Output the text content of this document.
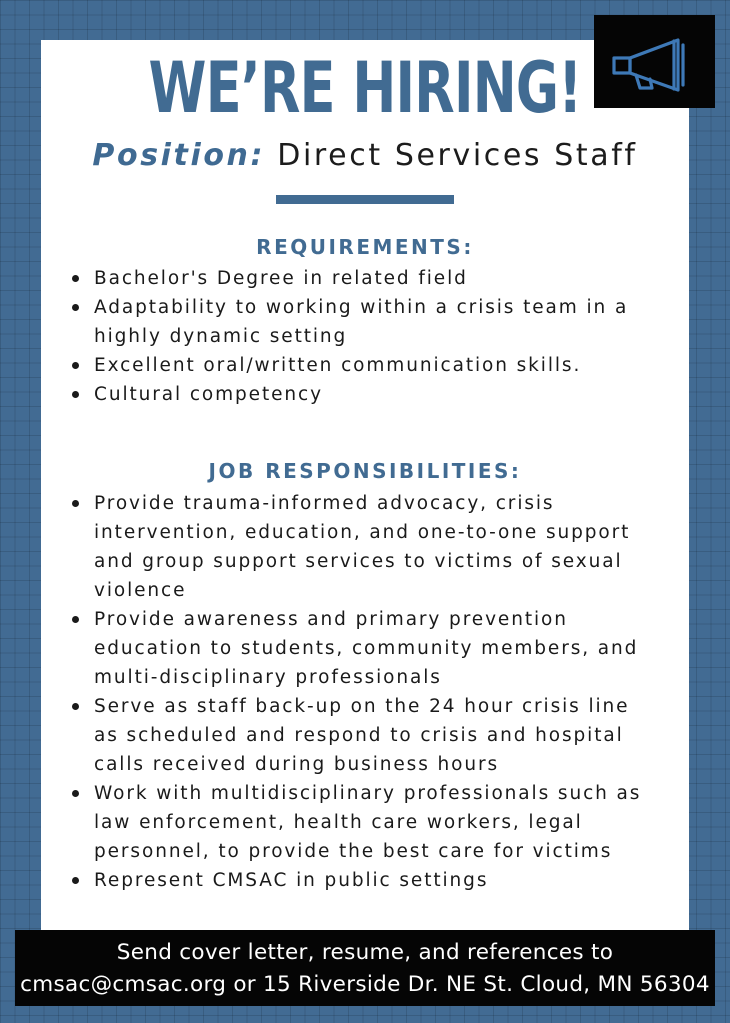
WE’RE HIRING!

Position: Direct Services Staff

REQUIREMENTS:
Bachelor's Degree in related field
Adaptability to working within a crisis team in a
highly dynamic setting
Excellent oral/written communication skills.
Cultural competency
JOB RESPONSIBILITIES:
Provide trauma-informed advocacy, crisis
intervention, education, and one-to-one support
and group support services to victims of sexual
violence
Provide awareness and primary prevention
education to students, community members, and
multi-disciplinary professionals
Serve as staff back-up on the 24 hour crisis line
as scheduled and respond to crisis and hospital
calls received during business hours
Work with multidisciplinary professionals such as
law enforcement, health care workers, legal
personnel, to provide the best care for victims
Represent CMSAC in public settings
Send cover letter, resume, and references to
cmsac@cmsac.org or 15 Riverside Dr. NE St. Cloud, MN 56304
